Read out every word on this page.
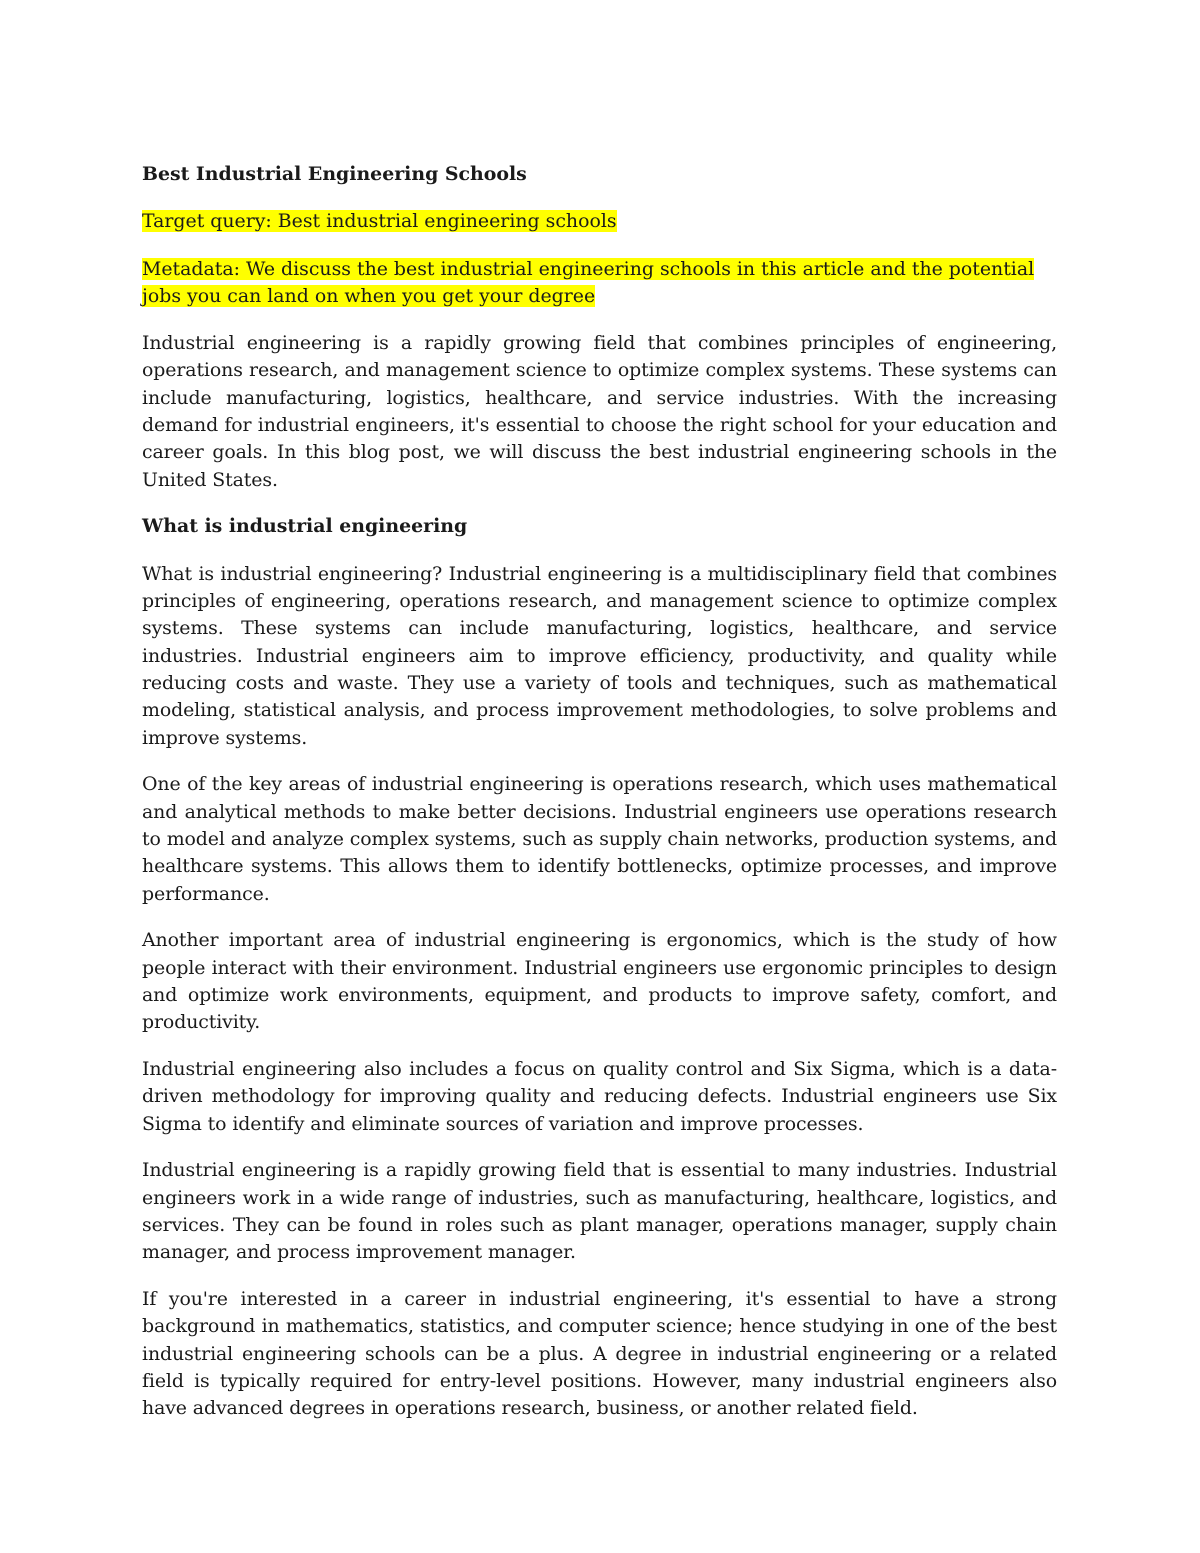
Best Industrial Engineering Schools
Target query: Best industrial engineering schools
Metadata: We discuss the best industrial engineering schools in this article and the potential jobs you can land on when you get your degree

Industrial engineering is a rapidly growing field that combines principles of engineering, operations research, and management science to optimize complex systems. These systems can include manufacturing, logistics, healthcare, and service industries. With the increasing demand for industrial engineers, it's essential to choose the right school for your education and career goals. In this blog post, we will discuss the best industrial engineering schools in the United States.

What is industrial engineering

What is industrial engineering? Industrial engineering is a multidisciplinary field that combines principles of engineering, operations research, and management science to optimize complex systems. These systems can include manufacturing, logistics, healthcare, and service industries. Industrial engineers aim to improve efficiency, productivity, and quality while reducing costs and waste. They use a variety of tools and techniques, such as mathematical modeling, statistical analysis, and process improvement methodologies, to solve problems and improve systems.

One of the key areas of industrial engineering is operations research, which uses mathematical and analytical methods to make better decisions. Industrial engineers use operations research to model and analyze complex systems, such as supply chain networks, production systems, and healthcare systems. This allows them to identify bottlenecks, optimize processes, and improve performance.

Another important area of industrial engineering is ergonomics, which is the study of how people interact with their environment. Industrial engineers use ergonomic principles to design and optimize work environments, equipment, and products to improve safety, comfort, and productivity.

Industrial engineering also includes a focus on quality control and Six Sigma, which is a data-driven methodology for improving quality and reducing defects. Industrial engineers use Six Sigma to identify and eliminate sources of variation and improve processes.

Industrial engineering is a rapidly growing field that is essential to many industries. Industrial engineers work in a wide range of industries, such as manufacturing, healthcare, logistics, and services. They can be found in roles such as plant manager, operations manager, supply chain manager, and process improvement manager.

If you're interested in a career in industrial engineering, it's essential to have a strong background in mathematics, statistics, and computer science; hence studying in one of the best industrial engineering schools can be a plus. A degree in industrial engineering or a related field is typically required for entry-level positions. However, many industrial engineers also have advanced degrees in operations research, business, or another related field.
